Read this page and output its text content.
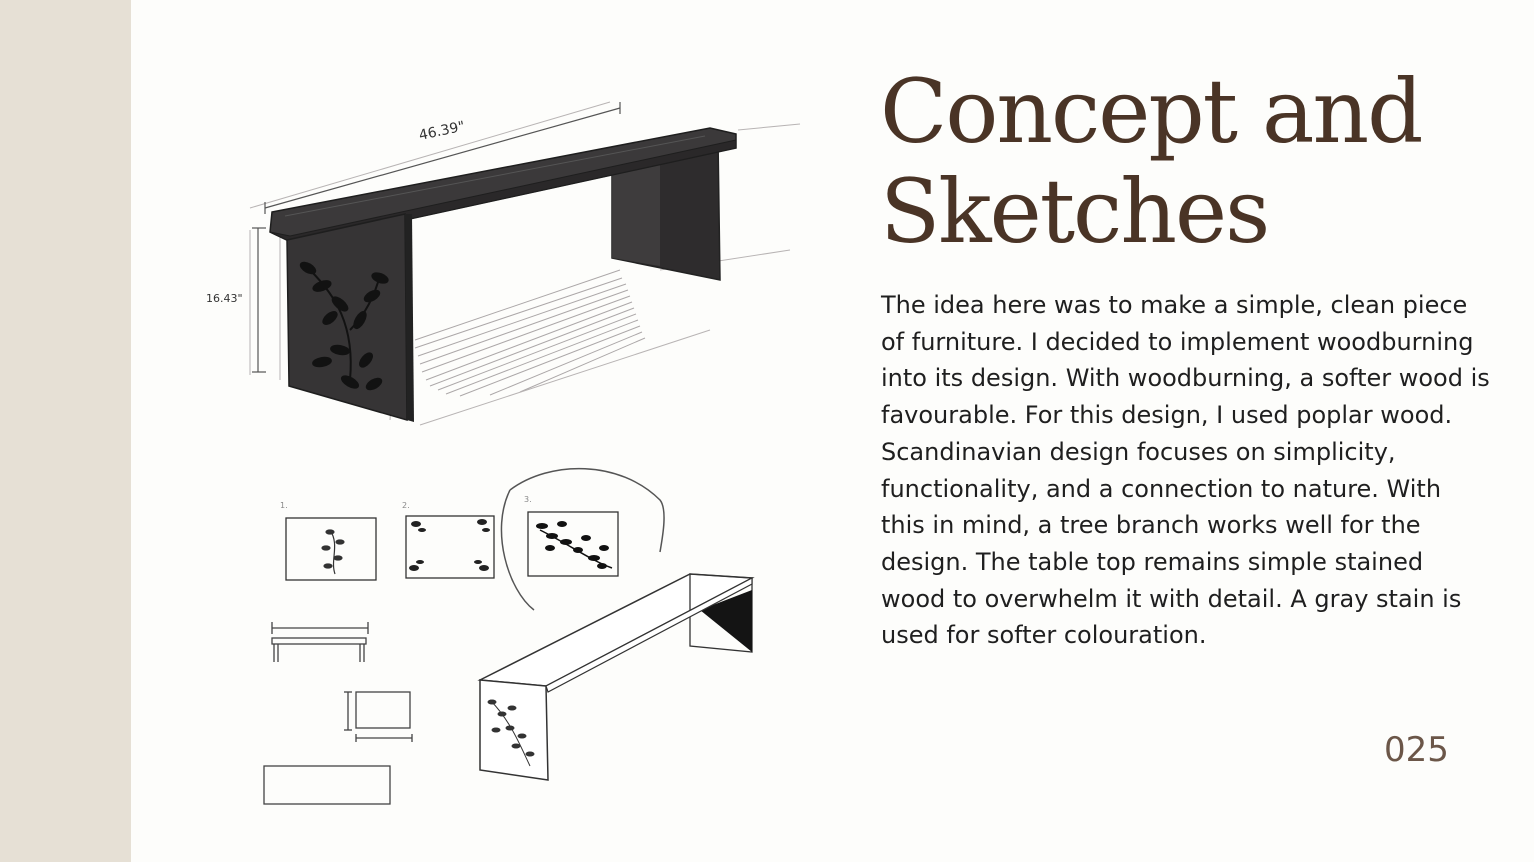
46.39"
16.43"
1.	2.
3.
Concept and Sketches

The idea here was to make a simple, clean piece of furniture. I decided to implement woodburning into its design. With woodburning, a softer wood is favourable. For this design, I used poplar wood. Scandinavian design focuses on simplicity, functionality, and a connection to nature. With this in mind, a tree branch works well for the design. The table top remains simple stained wood to overwhelm it with detail. A gray stain is used for softer colouration.

025
